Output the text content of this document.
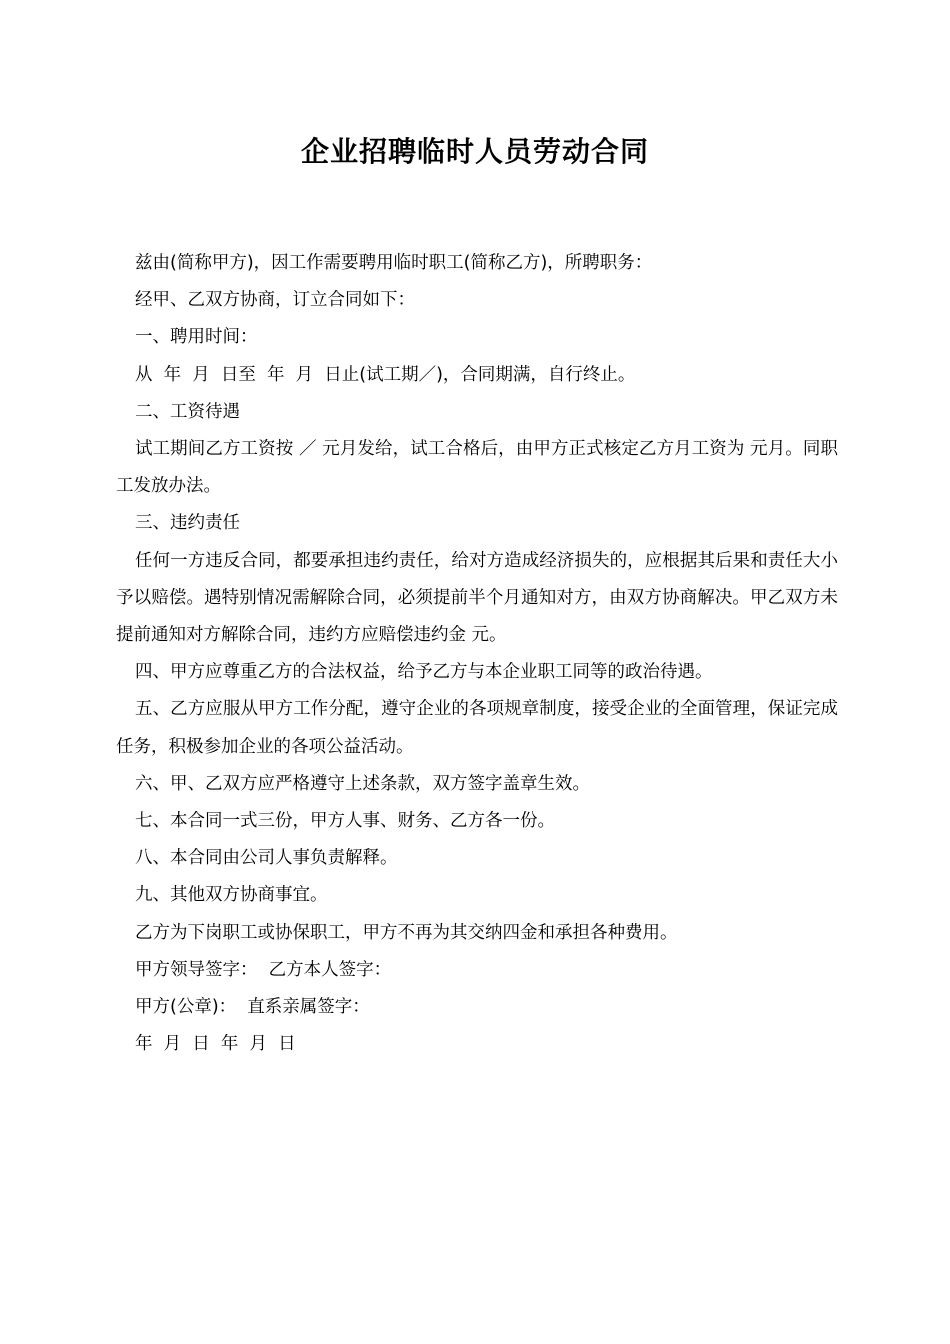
企业招聘临时人员劳动合同
兹由(简称甲方)，因工作需要聘用临时职工(简称乙方)，所聘职务：
经甲、乙双方协商，订立合同如下：
一、聘用时间：
从  年  月  日至  年  月  日止(试工期／)，合同期满，自行终止。
二、工资待遇
试工期间乙方工资按 ／ 元月发给，试工合格后，由甲方正式核定乙方月工资为 元月。同职工发放办法。
三、违约责任
任何一方违反合同，都要承担违约责任，给对方造成经济损失的，应根据其后果和责任大小予以赔偿。遇特别情况需解除合同，必须提前半个月通知对方，由双方协商解决。甲乙双方未提前通知对方解除合同，违约方应赔偿违约金 元。
四、甲方应尊重乙方的合法权益，给予乙方与本企业职工同等的政治待遇。
五、乙方应服从甲方工作分配，遵守企业的各项规章制度，接受企业的全面管理，保证完成任务，积极参加企业的各项公益活动。
六、甲、乙双方应严格遵守上述条款，双方签字盖章生效。
七、本合同一式三份，甲方人事、财务、乙方各一份。
八、本合同由公司人事负责解释。
九、其他双方协商事宜。
乙方为下岗职工或协保职工，甲方不再为其交纳四金和承担各种费用。
甲方领导签字：  乙方本人签字：
甲方(公章)：  直系亲属签字：
年  月  日  年  月  日
